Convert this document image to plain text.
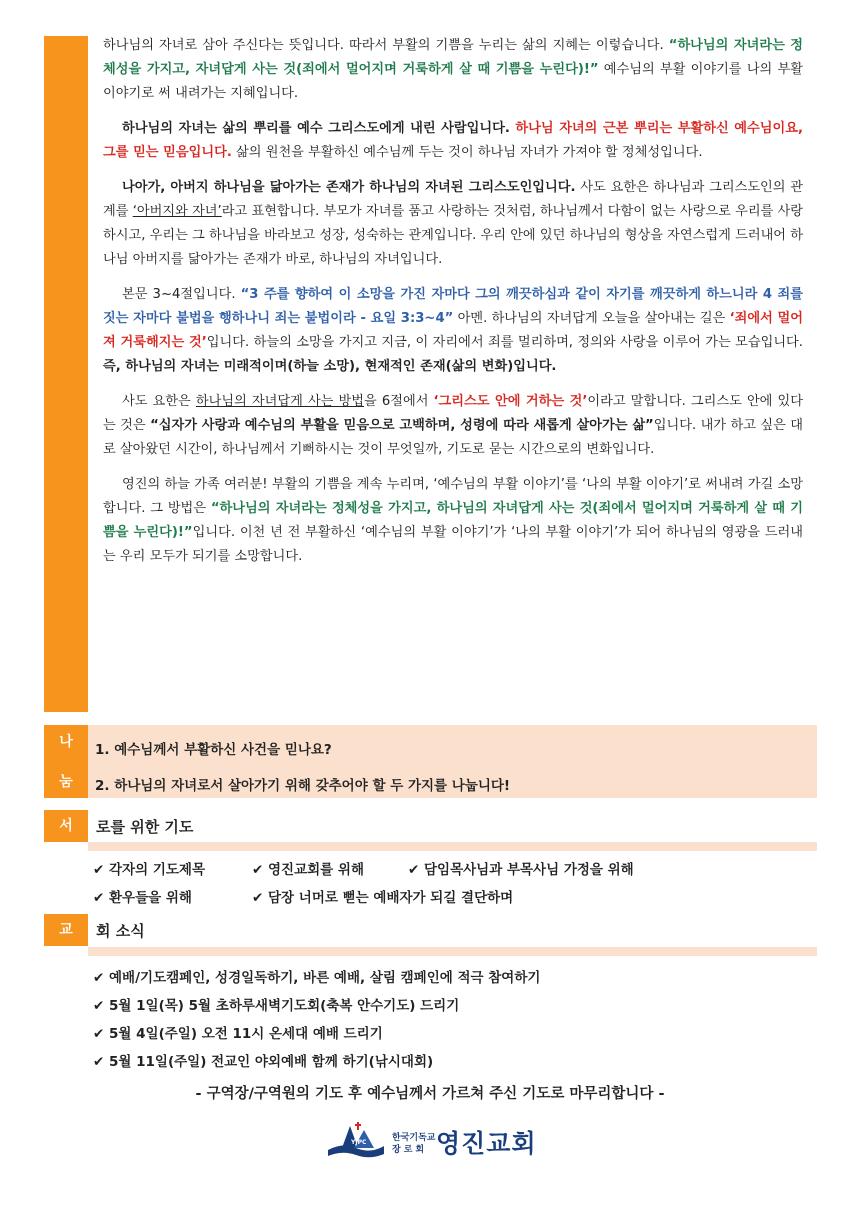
하나님의 자녀로 삼아 주신다는 뜻입니다. 따라서 부활의 기쁨을 누리는 삶의 지혜는 이렇습니다. “하나님의 자녀라는 정체성을 가지고, 자녀답게 사는 것(죄에서 멀어지며 거룩하게 살 때 기쁨을 누린다)!” 예수님의 부활 이야기를 나의 부활 이야기로 써 내려가는 지혜입니다.

하나님의 자녀는 삶의 뿌리를 예수 그리스도에게 내린 사람입니다. 하나님 자녀의 근본 뿌리는 부활하신 예수님이요, 그를 믿는 믿음입니다. 삶의 원천을 부활하신 예수님께 두는 것이 하나님 자녀가 가져야 할 정체성입니다.

나아가, 아버지 하나님을 닮아가는 존재가 하나님의 자녀된 그리스도인입니다. 사도 요한은 하나님과 그리스도인의 관계를 ‘아버지와 자녀’라고 표현합니다. 부모가 자녀를 품고 사랑하는 것처럼, 하나님께서 다함이 없는 사랑으로 우리를 사랑하시고, 우리는 그 하나님을 바라보고 성장, 성숙하는 관계입니다. 우리 안에 있던 하나님의 형상을 자연스럽게 드러내어 하나님 아버지를 닮아가는 존재가 바로, 하나님의 자녀입니다.

본문 3~4절입니다. “3 주를 향하여 이 소망을 가진 자마다 그의 깨끗하심과 같이 자기를 깨끗하게 하느니라 4 죄를 짓는 자마다 불법을 행하나니 죄는 불법이라 - 요일 3:3~4” 아멘. 하나님의 자녀답게 오늘을 살아내는 길은 ‘죄에서 멀어져 거룩해지는 것’입니다. 하늘의 소망을 가지고 지금, 이 자리에서 죄를 멀리하며, 정의와 사랑을 이루어 가는 모습입니다. 즉, 하나님의 자녀는 미래적이며(하늘 소망), 현재적인 존재(삶의 변화)입니다.

사도 요한은 하나님의 자녀답게 사는 방법을 6절에서 ‘그리스도 안에 거하는 것’이라고 말합니다. 그리스도 안에 있다는 것은 “십자가 사랑과 예수님의 부활을 믿음으로 고백하며, 성령에 따라 새롭게 살아가는 삶”입니다. 내가 하고 싶은 대로 살아왔던 시간이, 하나님께서 기뻐하시는 것이 무엇일까, 기도로 묻는 시간으로의 변화입니다.

영진의 하늘 가족 여러분! 부활의 기쁨을 계속 누리며, ‘예수님의 부활 이야기’를 ‘나의 부활 이야기’로 써내려 가길 소망합니다. 그 방법은 “하나님의 자녀라는 정체성을 가지고, 하나님의 자녀답게 사는 것(죄에서 멀어지며 거룩하게 살 때 기쁨을 누린다)!”입니다. 이천 년 전 부활하신 ‘예수님의 부활 이야기’가 ‘나의 부활 이야기’가 되어 하나님의 영광을 드러내는 우리 모두가 되기를 소망합니다.

나
눔
1. 예수님께서 부활하신 사건을 믿나요?
2. 하나님의 자녀로서 살아가기 위해 갖추어야 할 두 가지를 나눕니다!
서	로를 위한 기도
✔ 각자의 기도제목	✔ 영진교회를 위해	✔ 담임목사님과 부목사님 가정을 위해
✔ 환우들을 위해	✔ 담장 너머로 뻗는 예배자가 되길 결단하며
교	회 소식
✔ 예배/기도캠페인, 성경일독하기, 바른 예배, 살림 캠페인에 적극 참여하기
✔ 5월 1일(목) 5월 초하루새벽기도회(축복 안수기도) 드리기
✔ 5월 4일(주일) 오전 11시 온세대 예배 드리기
✔ 5월 11일(주일) 전교인 야외예배 함께 하기(낚시대회)
- 구역장/구역원의 기도 후 예수님께서 가르쳐 주신 기도로 마무리합니다 -
YJPC	한국기독교
장로회 영진교회
